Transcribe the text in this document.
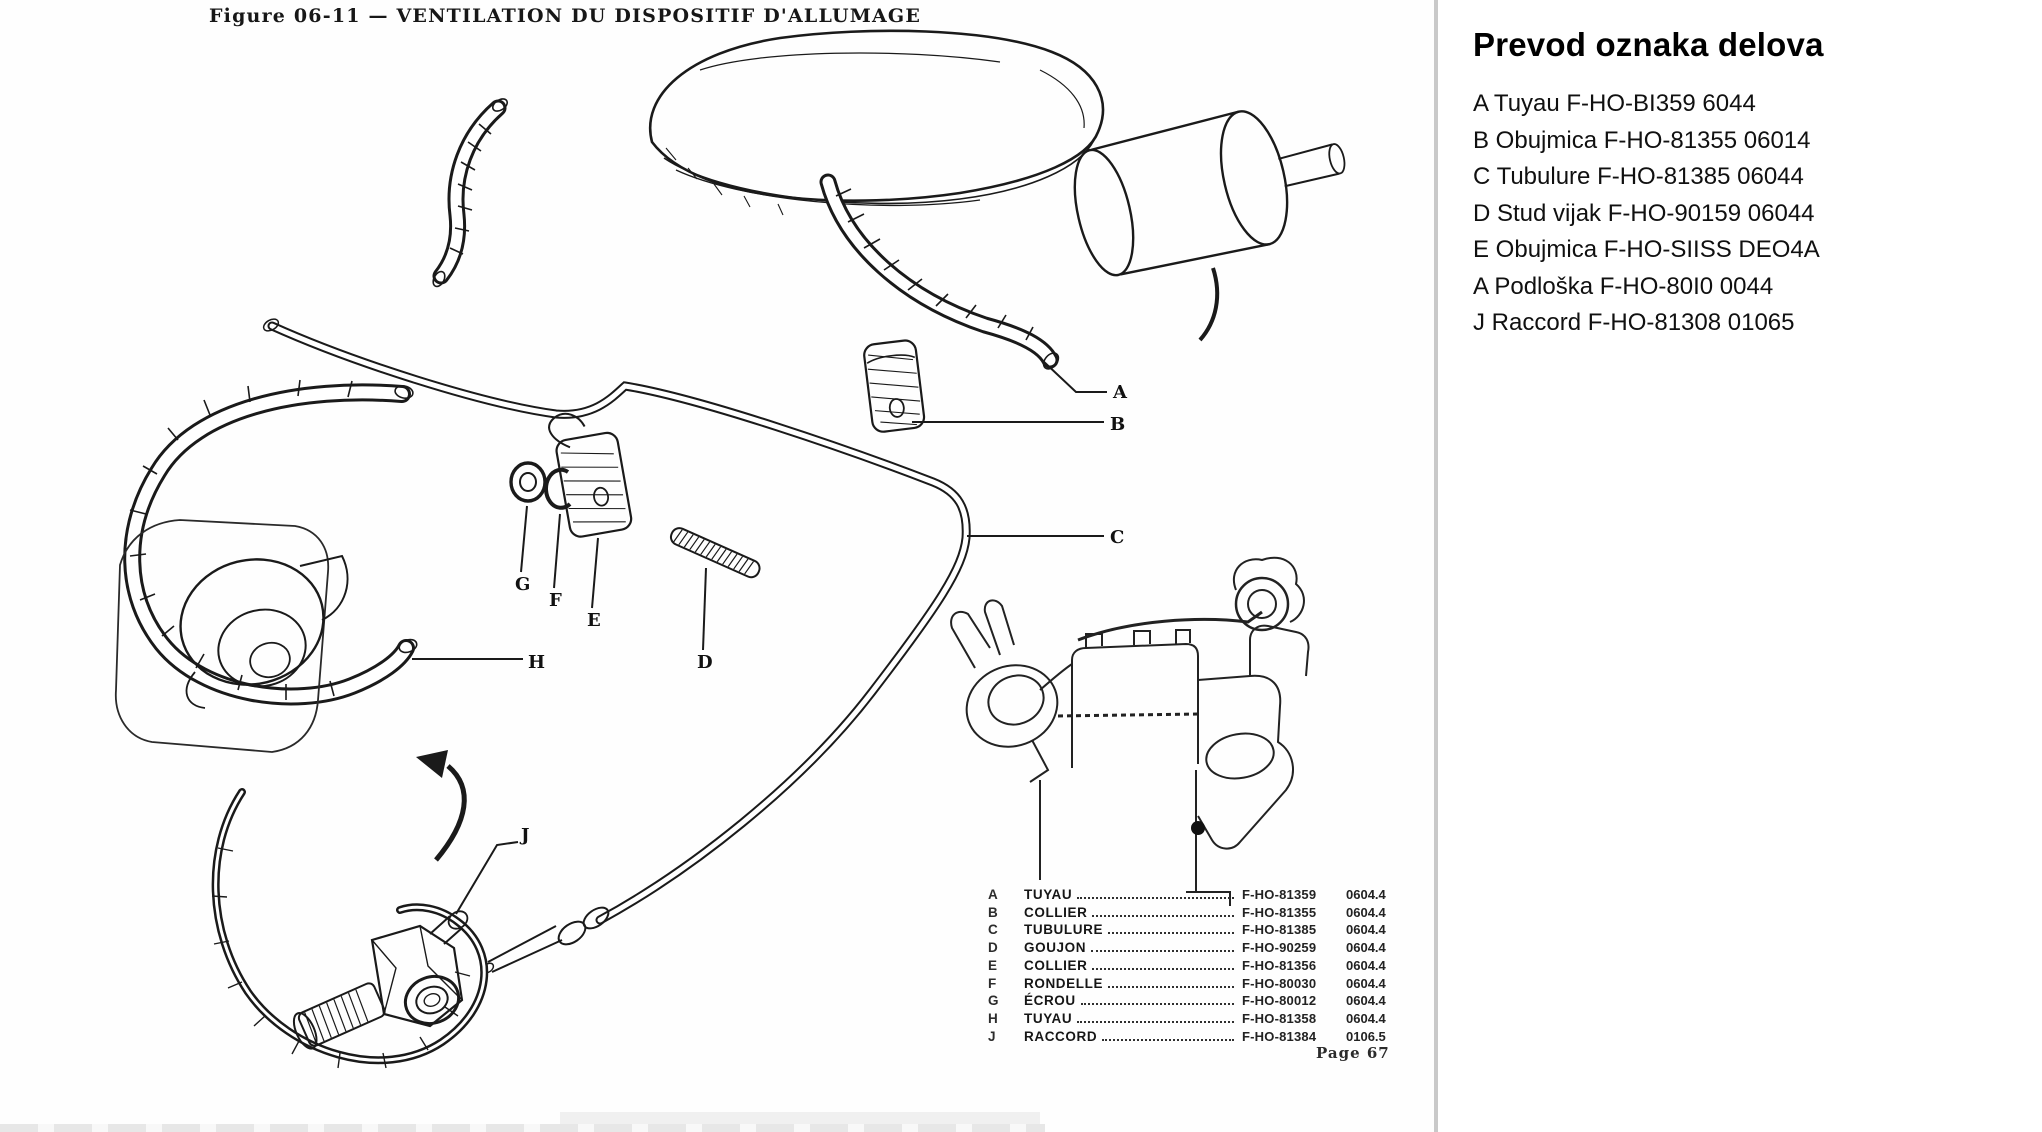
Figure 06-11 — VENTILATION DU DISPOSITIF D'ALLUMAGE
A
B
C
D
E
F
G
H
J
A	TUYAU	F-HO-81359	0604.4
B	COLLIER	F-HO-81355	0604.4
C	TUBULURE	F-HO-81385	0604.4
D	GOUJON	F-HO-90259	0604.4
E	COLLIER	F-HO-81356	0604.4
F	RONDELLE	F-HO-80030	0604.4
G	ÉCROU	F-HO-80012	0604.4
H	TUYAU	F-HO-81358	0604.4
J	RACCORD	F-HO-81384	0106.5
Page 67
Prevod oznaka delova
A Tuyau F-HO-BI359 6044
B Obujmica F-HO-81355 06014
C Tubulure F-HO-81385 06044
D Stud vijak F-HO-90159 06044
E Obujmica F-HO-SIISS DEO4A
A Podloška F-HO-80I0 0044
J Raccord F-HO-81308 01065
